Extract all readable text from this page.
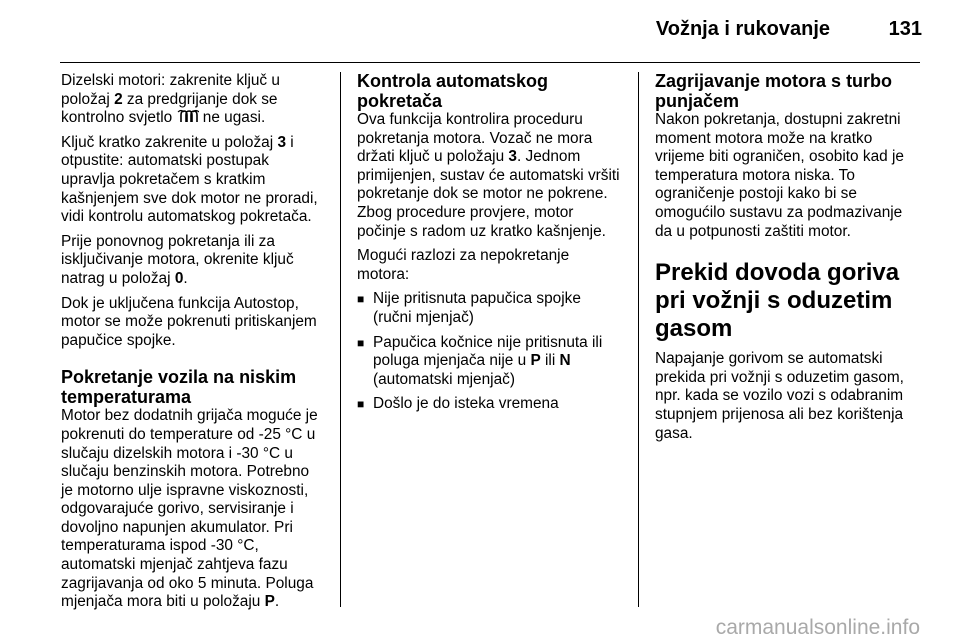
Vožnja i rukovanje	131

Dizelski motori: zakrenite ključ u položaj 2 za predgrijanje dok se kontrolno svjetlo  ne ugasi.

Ključ kratko zakrenite u položaj 3 i otpustite: automatski postupak upravlja pokretačem s kratkim kašnjenjem sve dok motor ne proradi, vidi kontrolu automatskog pokretača.

Prije ponovnog pokretanja ili za isključivanje motora, okrenite ključ natrag u položaj 0.

Dok je uključena funkcija Autostop, motor se može pokrenuti pritiskanjem papučice spojke.

Pokretanje vozila na niskim temperaturama

Motor bez dodatnih grijača moguće je pokrenuti do temperature od -25 °C u slučaju dizelskih motora i -30 °C u slučaju benzinskih motora. Potrebno je motorno ulje ispravne viskoznosti, odgovarajuće gorivo, servisiranje i dovoljno napunjen akumulator. Pri temperaturama ispod -30 °C, automatski mjenjač zahtjeva fazu zagrijavanja od oko 5 minuta. Poluga mjenjača mora biti u položaju P.

Kontrola automatskog pokretača

Ova funkcija kontrolira proceduru pokretanja motora. Vozač ne mora držati ključ u položaju 3. Jednom primijenjen, sustav će automatski vršiti pokretanje dok se motor ne pokrene. Zbog procedure provjere, motor počinje s radom uz kratko kašnjenje.

Mogući razlozi za nepokretanje motora:

■ Nije pritisnuta papučica spojke (ručni mjenjač)
■ Papučica kočnice nije pritisnuta ili poluga mjenjača nije u P ili N (automatski mjenjač)
■ Došlo je do isteka vremena
Zagrijavanje motora s turbo punjačem

Nakon pokretanja, dostupni zakretni moment motora može na kratko vrijeme biti ograničen, osobito kad je temperatura motora niska. To ograničenje postoji kako bi se omogućilo sustavu za podmazivanje da u potpunosti zaštiti motor.

Prekid dovoda goriva pri vožnji s oduzetim gasom

Napajanje gorivom se automatski prekida pri vožnji s oduzetim gasom, npr. kada se vozilo vozi s odabranim stupnjem prijenosa ali bez korištenja gasa.

carmanualsonline.info
